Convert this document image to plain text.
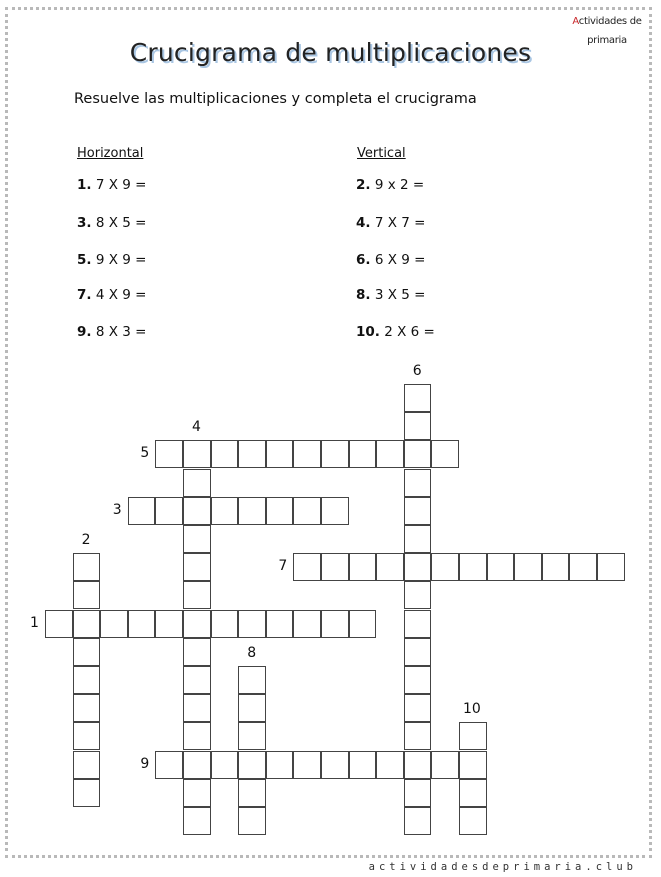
Actividades de
primaria
Crucigrama de multiplicaciones
Resuelve las multiplicaciones y completa el crucigrama
Horizontal	Vertical
1. 7 X 9 =
3. 8 X 5 =
5. 9 X 9 =
7. 4 X 9 =
9. 8 X 3 =
2. 9 x 2 =
4. 7 X 7 =
6. 6 X 9 =
8. 3 X 5 =
10. 2 X 6 =
1
2
3
4
5
6
7
8
9
10
actividadesdeprimaria.club
